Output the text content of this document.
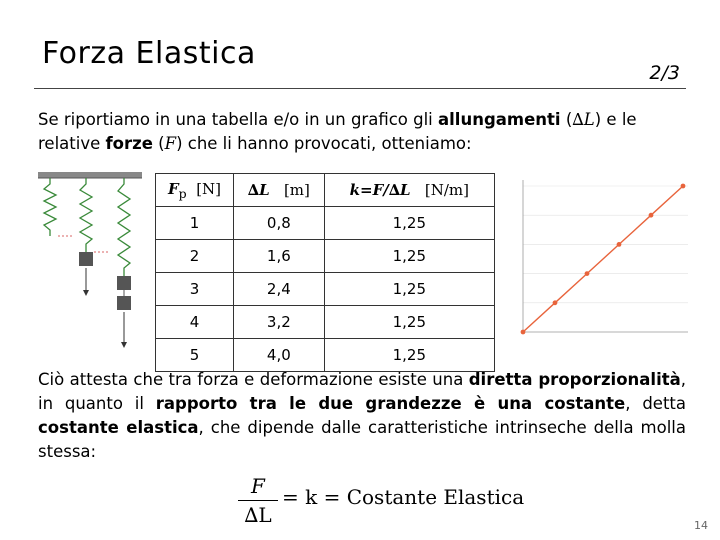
Forza Elastica
2/3
Se riportiamo in una tabella e/o in un grafico gli allungamenti (∆L) e le relative forze (F) che li hanno provocati, otteniamo:
$F_p$ [N]	∆L [m]	k=F/∆L [N/m]
1	0,8	1,25
2	1,6	1,25
3	2,4	1,25
4	3,2	1,25
5	4,0	1,25
Ciò attesta che tra forza e deformazione esiste una diretta proporzionalità, in quanto il rapporto tra le due grandezze è una costante, detta costante elastica, che dipende dalle caratteristiche intrinseche della molla stessa:
F
∆L
= k = Costante Elastica
14
